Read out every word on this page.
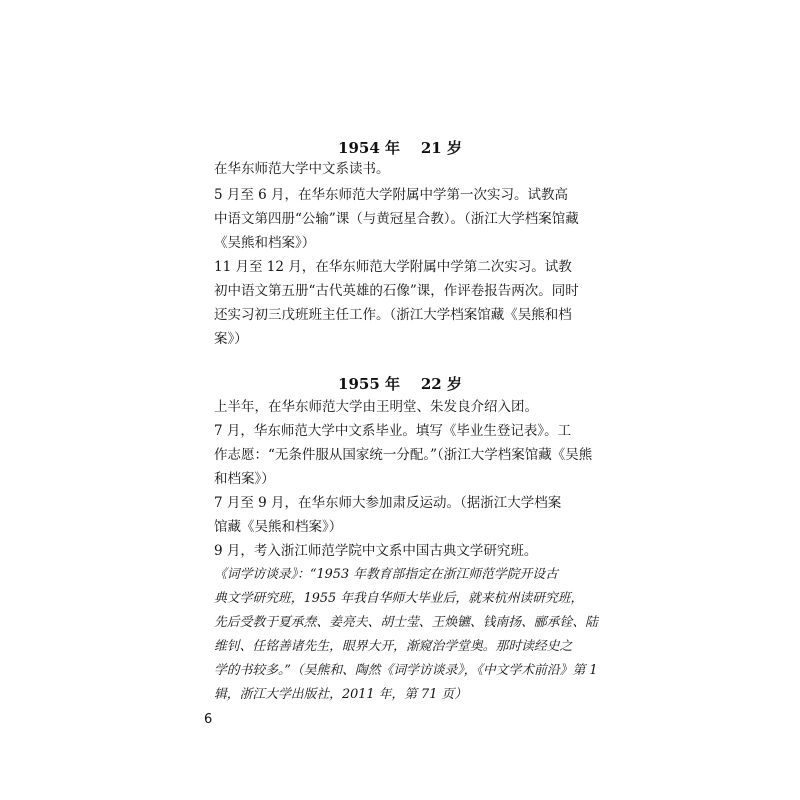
1954 年    21 岁
在华东师范大学中文系读书。
5 月至 6 月，在华东师范大学附属中学第一次实习。试教高
中语文第四册“公输”课（与黄冠星合教）。（浙江大学档案馆藏
《吴熊和档案》）
11 月至 12 月，在华东师范大学附属中学第二次实习。试教
初中语文第五册“古代英雄的石像”课，作评卷报告两次。同时
还实习初三戊班班主任工作。（浙江大学档案馆藏《吴熊和档
案》）
1955 年    22 岁
上半年，在华东师范大学由王明堂、朱发良介绍入团。
7 月，华东师范大学中文系毕业。填写《毕业生登记表》。工
作志愿：“无条件服从国家统一分配。”（浙江大学档案馆藏《吴熊
和档案》）
7 月至 9 月，在华东师大参加肃反运动。（据浙江大学档案
馆藏《吴熊和档案》）
9 月，考入浙江师范学院中文系中国古典文学研究班。
《词学访谈录》：“1953 年教育部指定在浙江师范学院开设古
典文学研究班，1955 年我自华师大毕业后，就来杭州读研究班，
先后受教于夏承焘、姜亮夫、胡士莹、王焕镳、钱南扬、郦承铨、陆
维钊、任铭善诸先生，眼界大开，渐窥治学堂奥。那时读经史之
学的书较多。”（吴熊和、陶然《词学访谈录》，《中文学术前沿》第 1
辑，浙江大学出版社，2011 年，第 71 页）
6
